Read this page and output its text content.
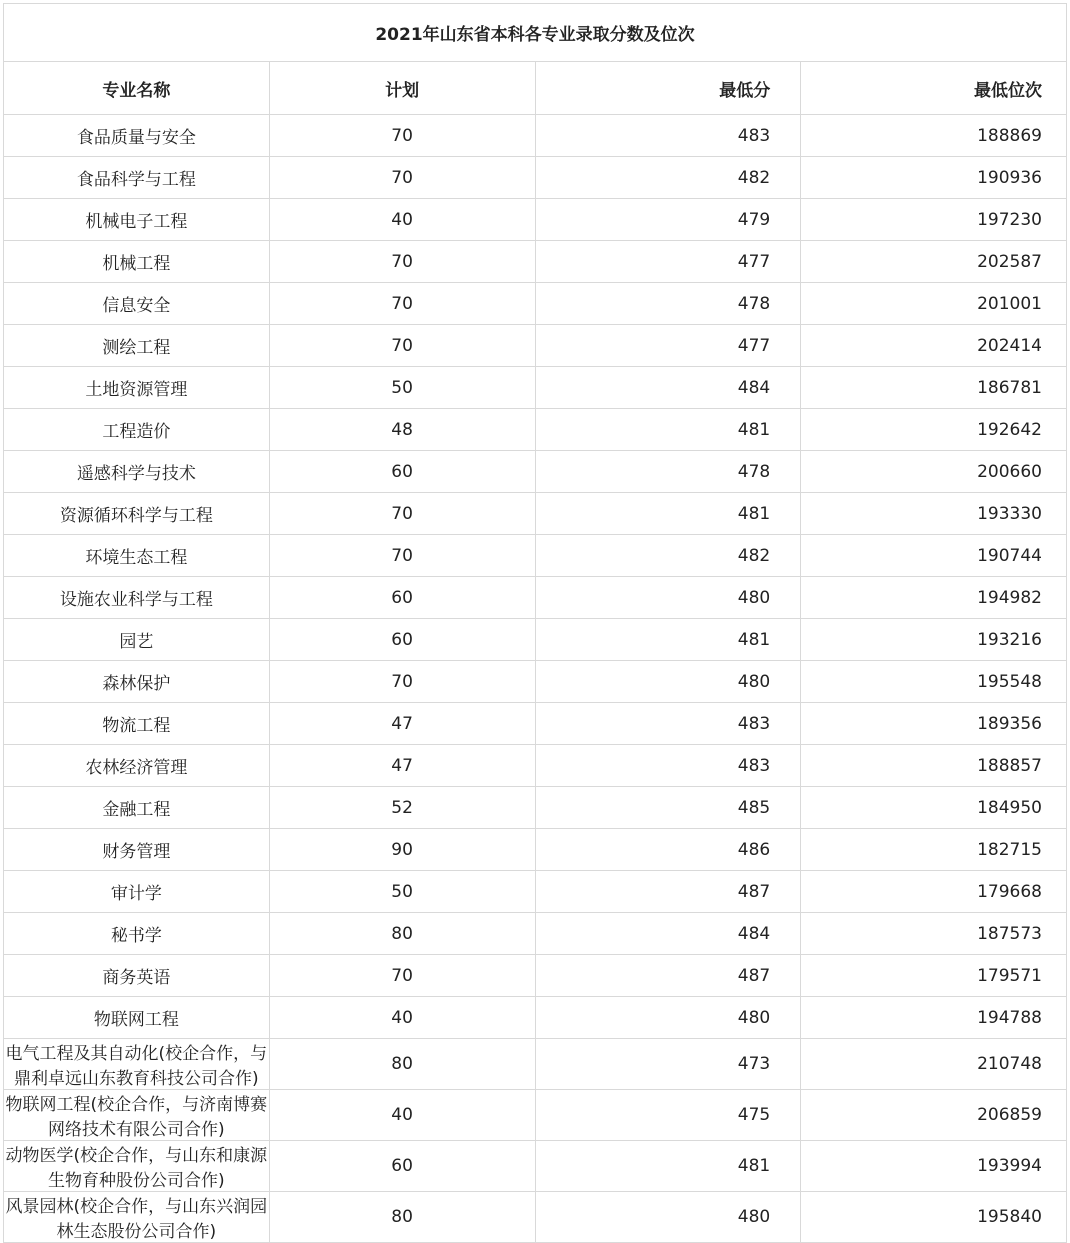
2021年山东省本科各专业录取分数及位次			
专业名称	计划	最低分	最低位次
食品质量与安全	70	483	188869
食品科学与工程	70	482	190936
机械电子工程	40	479	197230
机械工程	70	477	202587
信息安全	70	478	201001
测绘工程	70	477	202414
土地资源管理	50	484	186781
工程造价	48	481	192642
遥感科学与技术	60	478	200660
资源循环科学与工程	70	481	193330
环境生态工程	70	482	190744
设施农业科学与工程	60	480	194982
园艺	60	481	193216
森林保护	70	480	195548
物流工程	47	483	189356
农林经济管理	47	483	188857
金融工程	52	485	184950
财务管理	90	486	182715
审计学	50	487	179668
秘书学	80	484	187573
商务英语	70	487	179571
物联网工程	40	480	194788
电气工程及其自动化(校企合作，与鼎利卓远山东教育科技公司合作)	80	473	210748
物联网工程(校企合作，与济南博赛网络技术有限公司合作)	40	475	206859
动物医学(校企合作，与山东和康源生物育种股份公司合作)	60	481	193994
风景园林(校企合作，与山东兴润园林生态股份公司合作)	80	480	195840
